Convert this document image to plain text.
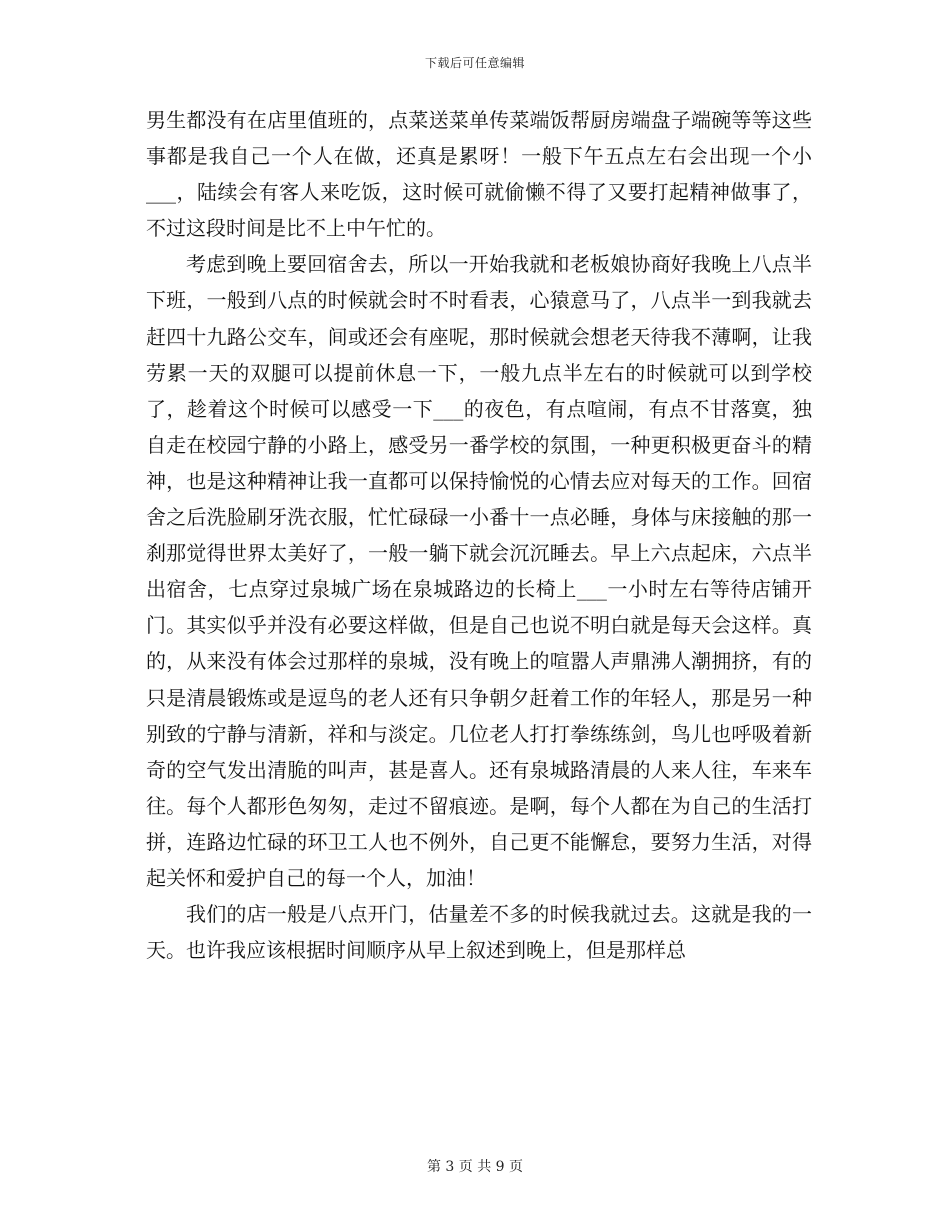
下载后可任意编辑

男生都没有在店里值班的，点菜送菜单传菜端饭帮厨房端盘子端碗等等这些事都是我自己一个人在做，还真是累呀！一般下午五点左右会出现一个小___，陆续会有客人来吃饭，这时候可就偷懒不得了又要打起精神做事了，不过这段时间是比不上中午忙的。

考虑到晚上要回宿舍去，所以一开始我就和老板娘协商好我晚上八点半下班，一般到八点的时候就会时不时看表，心猿意马了，八点半一到我就去赶四十九路公交车，间或还会有座呢，那时候就会想老天待我不薄啊，让我劳累一天的双腿可以提前休息一下，一般九点半左右的时候就可以到学校了，趁着这个时候可以感受一下___的夜色，有点喧闹，有点不甘落寞，独自走在校园宁静的小路上，感受另一番学校的氛围，一种更积极更奋斗的精神，也是这种精神让我一直都可以保持愉悦的心情去应对每天的工作。回宿舍之后洗脸刷牙洗衣服，忙忙碌碌一小番十一点必睡，身体与床接触的那一刹那觉得世界太美好了，一般一躺下就会沉沉睡去。早上六点起床，六点半出宿舍，七点穿过泉城广场在泉城路边的长椅上___一小时左右等待店铺开门。其实似乎并没有必要这样做，但是自己也说不明白就是每天会这样。真的，从来没有体会过那样的泉城，没有晚上的喧嚣人声鼎沸人潮拥挤，有的只是清晨锻炼或是逗鸟的老人还有只争朝夕赶着工作的年轻人，那是另一种别致的宁静与清新，祥和与淡定。几位老人打打拳练练剑，鸟儿也呼吸着新奇的空气发出清脆的叫声，甚是喜人。还有泉城路清晨的人来人往，车来车往。每个人都形色匆匆，走过不留痕迹。是啊，每个人都在为自己的生活打拼，连路边忙碌的环卫工人也不例外，自己更不能懈怠，要努力生活，对得起关怀和爱护自己的每一个人，加油！

我们的店一般是八点开门，估量差不多的时候我就过去。这就是我的一天。也许我应该根据时间顺序从早上叙述到晚上，但是那样总

第 3 页 共 9 页
